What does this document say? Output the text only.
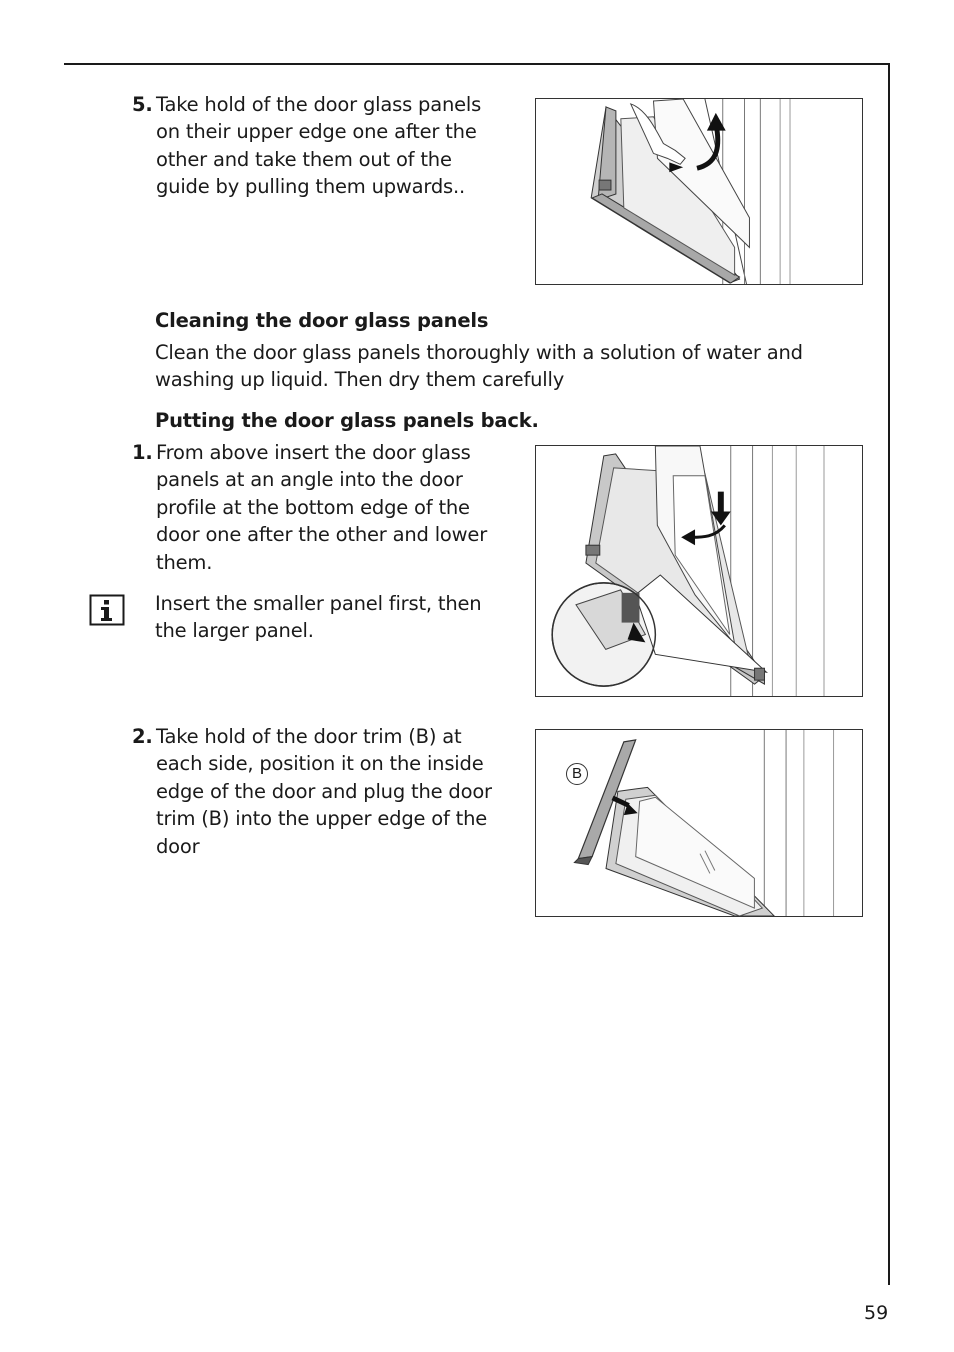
5. Take hold of the door glass panels on their upper edge one after the other and take them out of the guide by pulling them upwards..
Cleaning the door glass panels
Clean the door glass panels thoroughly with a solution of water and washing up liquid. Then dry them carefully
Putting the door glass panels back.
1. From above insert the door glass panels at an angle into the door profile at the bottom edge of the door one after the other and lower them.
Insert the smaller panel first, then the larger panel.
2. Take hold of the door trim (B) at each side, position it on the inside edge of the door and plug the door trim (B) into the upper edge of the door
B
59
